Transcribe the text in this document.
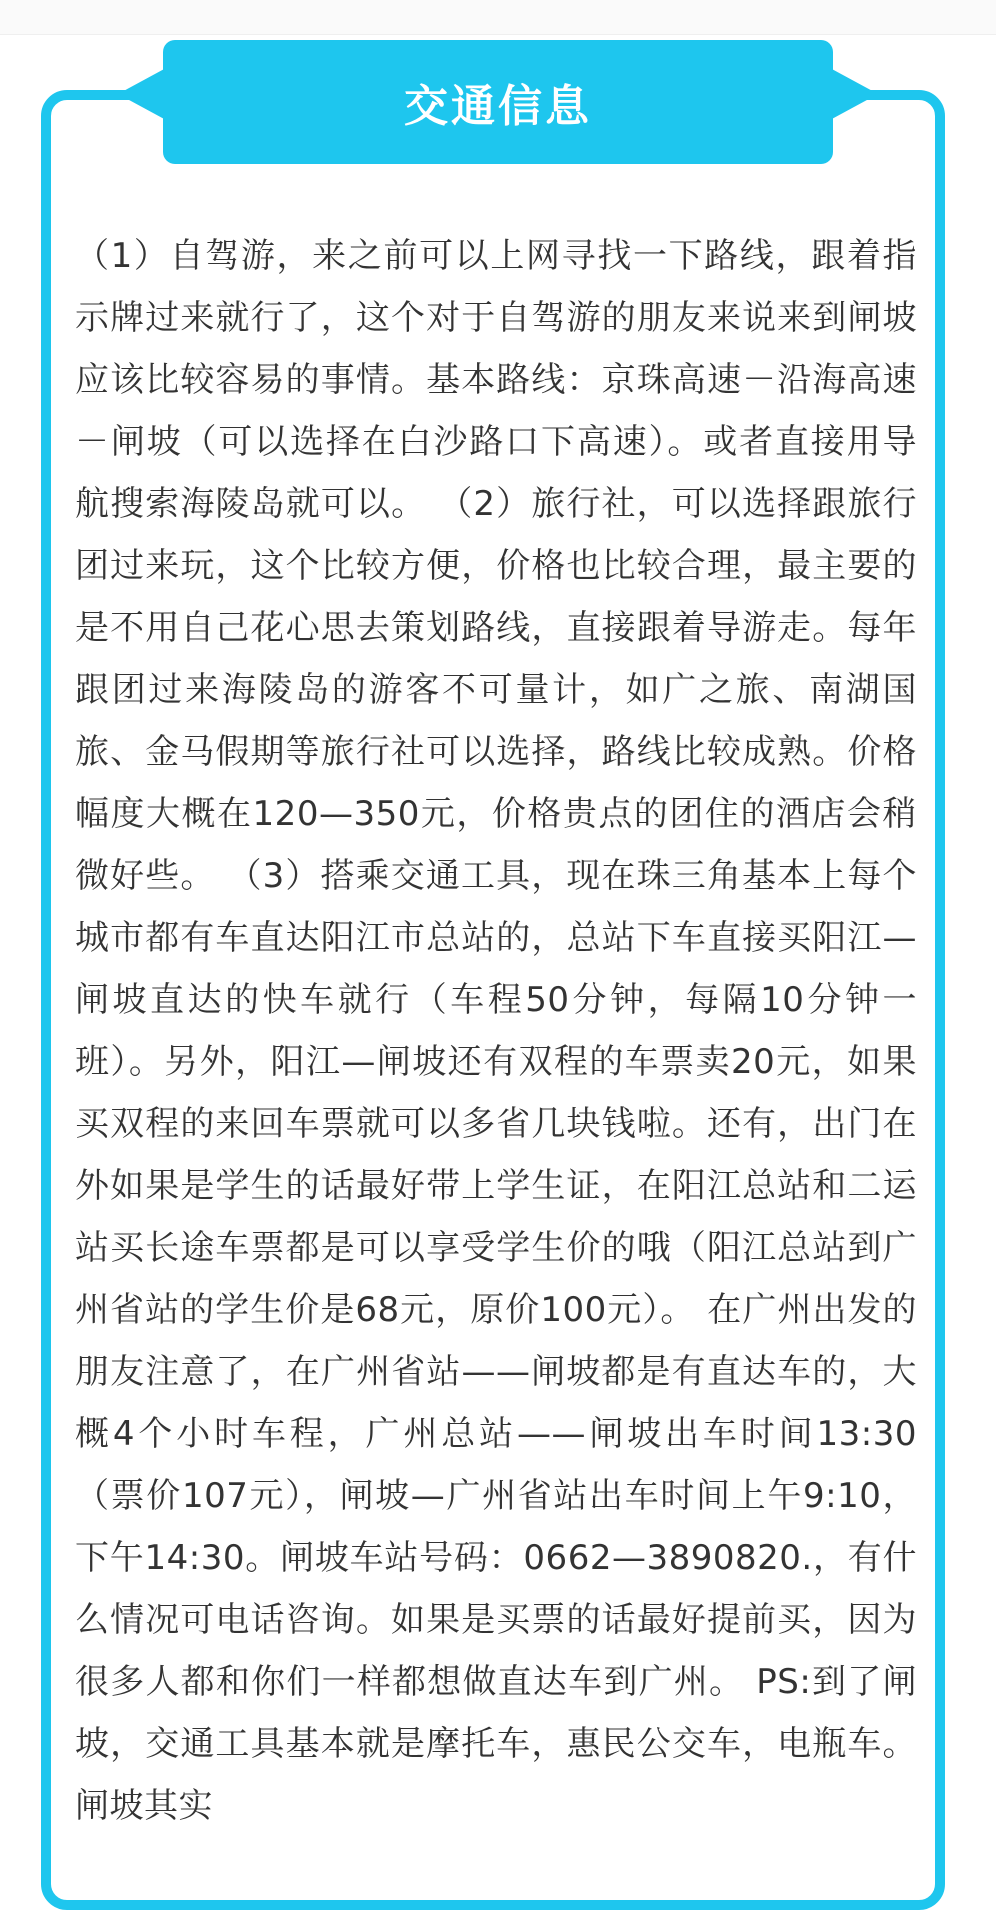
交通信息

（1）自驾游，来之前可以上网寻找一下路线，跟着指示牌过来就行了，这个对于自驾游的朋友来说来到闸坡应该比较容易的事情。基本路线：京珠高速－沿海高速－闸坡（可以选择在白沙路口下高速）。或者直接用导航搜索海陵岛就可以。 （2）旅行社，可以选择跟旅行团过来玩，这个比较方便，价格也比较合理，最主要的是不用自己花心思去策划路线，直接跟着导游走。每年跟团过来海陵岛的游客不可量计，如广之旅、南湖国旅、金马假期等旅行社可以选择，路线比较成熟。价格幅度大概在120—350元，价格贵点的团住的酒店会稍微好些。 （3）搭乘交通工具，现在珠三角基本上每个城市都有车直达阳江市总站的，总站下车直接买阳江—闸坡直达的快车就行（车程50分钟，每隔10分钟一班）。另外，阳江—闸坡还有双程的车票卖20元，如果买双程的来回车票就可以多省几块钱啦。还有，出门在外如果是学生的话最好带上学生证，在阳江总站和二运站买长途车票都是可以享受学生价的哦（阳江总站到广州省站的学生价是68元，原价100元）。 在广州出发的朋友注意了，在广州省站——闸坡都是有直达车的，大概4个小时车程，广州总站——闸坡出车时间13:30（票价107元），闸坡—广州省站出车时间上午9:10，下午14:30。闸坡车站号码：0662—3890820.，有什么情况可电话咨询。如果是买票的话最好提前买，因为很多人都和你们一样都想做直达车到广州。 PS:到了闸坡，交通工具基本就是摩托车，惠民公交车，电瓶车。闸坡其实
